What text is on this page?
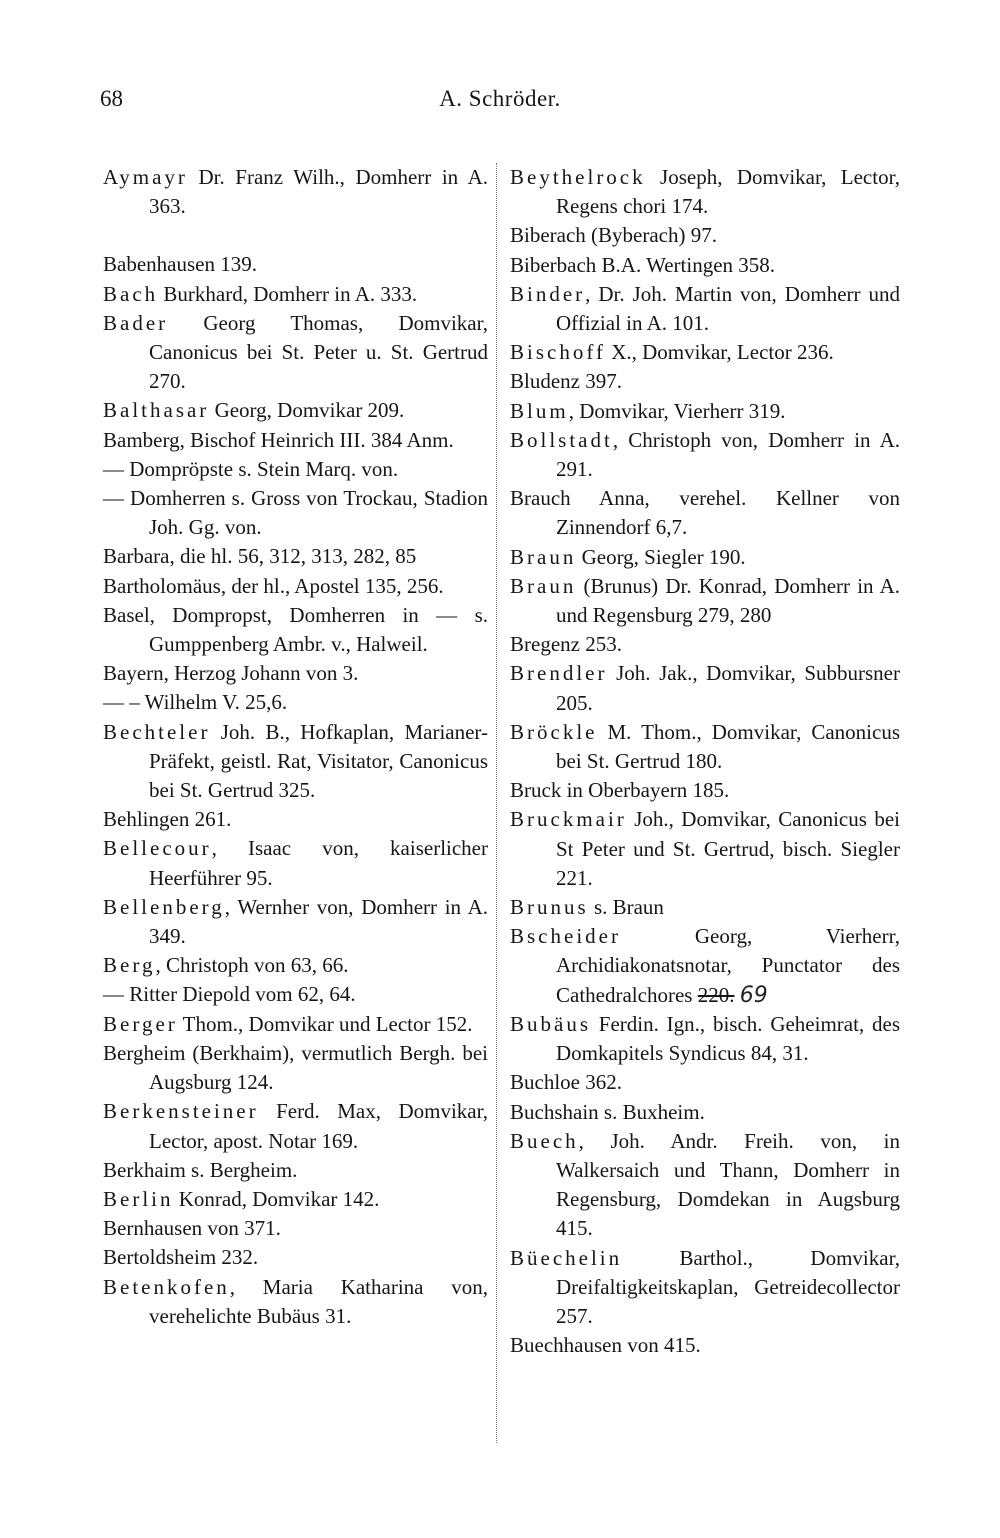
68	A. Schröder.
Aymayr Dr. Franz Wilh., Domherr in A. 363.
Babenhausen 139.
Bach Burkhard, Domherr in A. 333.
Bader Georg Thomas, Domvikar, Canonicus bei St. Peter u. St. Gertrud 270.
Balthasar Georg, Domvikar 209.
Bamberg, Bischof Heinrich III. 384 Anm.
— Dompröpste s. Stein Marq. von.
— Domherren s. Gross von Trockau, Stadion Joh. Gg. von.
Barbara, die hl. 56, 312, 313, 282, 85
Bartholomäus, der hl., Apostel 135, 256.
Basel, Dompropst, Domherren in — s. Gumppenberg Ambr. v., Halweil.
Bayern, Herzog Johann von 3.
— – Wilhelm V. 25,6.
Bechteler Joh. B., Hofkaplan, Marianer-Präfekt, geistl. Rat, Visitator, Canonicus bei St. Gertrud 325.
Behlingen 261.
Bellecour, Isaac von, kaiserlicher Heerführer 95.
Bellenberg, Wernher von, Domherr in A. 349.
Berg, Christoph von 63, 66.
— Ritter Diepold vom 62, 64.
Berger Thom., Domvikar und Lector 152.
Bergheim (Berkhaim), vermutlich Bergh. bei Augsburg 124.
Berkensteiner Ferd. Max, Domvikar, Lector, apost. Notar 169.
Berkhaim s. Bergheim.
Berlin Konrad, Domvikar 142.
Bernhausen von 371.
Bertoldsheim 232.
Betenkofen, Maria Katharina von, verehelichte Bubäus 31.
Beythelrock Joseph, Domvikar, Lector, Regens chori 174.
Biberach (Byberach) 97.
Biberbach B.A. Wertingen 358.
Binder, Dr. Joh. Martin von, Domherr und Offizial in A. 101.
Bischoff X., Domvikar, Lector 236.
Bludenz 397.
Blum, Domvikar, Vierherr 319.
Bollstadt, Christoph von, Domherr in A. 291.
Brauch Anna, verehel. Kellner von Zinnendorf 6,7.
Braun Georg, Siegler 190.
Braun (Brunus) Dr. Konrad, Domherr in A. und Regensburg 279, 280
Bregenz 253.
Brendler Joh. Jak., Domvikar, Subbursner 205.
Bröckle M. Thom., Domvikar, Canonicus bei St. Gertrud 180.
Bruck in Oberbayern 185.
Bruckmair Joh., Domvikar, Canonicus bei St Peter und St. Gertrud, bisch. Siegler 221.
Brunus s. Braun
Bscheider Georg, Vierherr, Archidiakonatsnotar, Punctator des Cathedralchores 220. 69
Bubäus Ferdin. Ign., bisch. Geheimrat, des Domkapitels Syndicus 84, 31.
Buchloe 362.
Buchshain s. Buxheim.
Buech, Joh. Andr. Freih. von, in Walkersaich und Thann, Domherr in Regensburg, Domdekan in Augsburg 415.
Büechelin Barthol., Domvikar, Dreifaltigkeitskaplan, Getreidecollector 257.
Buechhausen von 415.
